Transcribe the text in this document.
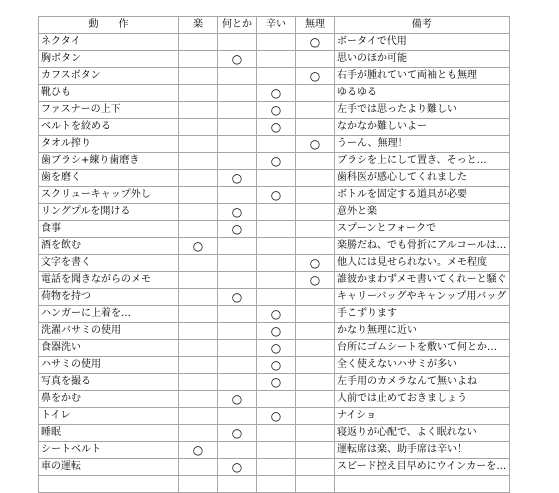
動　　作	楽	何とか	辛い	無理	備考
ネクタイ				○	ボータイで代用
胸ボタン		○			思いのほか可能
カフスボタン				○	右手が腫れていて両袖とも無理
靴ひも			○		ゆるゆる
ファスナーの上下			○		左手では思ったより難しい
ベルトを絞める			○		なかなか難しいよー
タオル搾り				○	うーん、無理！
歯ブラシ+練り歯磨き			○		ブラシを上にして置き、そっと…
歯を磨く		○			歯科医が感心してくれました
スクリューキャップ外し			○		ボトルを固定する道具が必要
リングプルを開ける		○			意外と楽
食事		○			スプーンとフォークで
酒を飲む	○				楽勝だね、でも骨折にアルコールは…
文字を書く				○	他人には見せられない。メモ程度
電話を聞きながらのメモ				○	誰彼かまわずメモ書いてくれーと騒ぐ
荷物を持つ		○			キャリーバッグやキャンップ用バッグ
ハンガーに上着を…			○		手こずります
洗濯バサミの使用			○		かなり無理に近い
食器洗い			○		台所にゴムシートを敷いて何とか…
ハサミの使用			○		全く使えないハサミが多い
写真を撮る			○		左手用のカメラなんて無いよね
鼻をかむ		○			人前では止めておきましょう
トイレ			○		ナイショ
睡眠		○			寝返りが心配で、よく眠れない
シートベルト	○				運転席は楽、助手席は辛い！
車の運転		○			スピード控え目早めにウインカーを…
